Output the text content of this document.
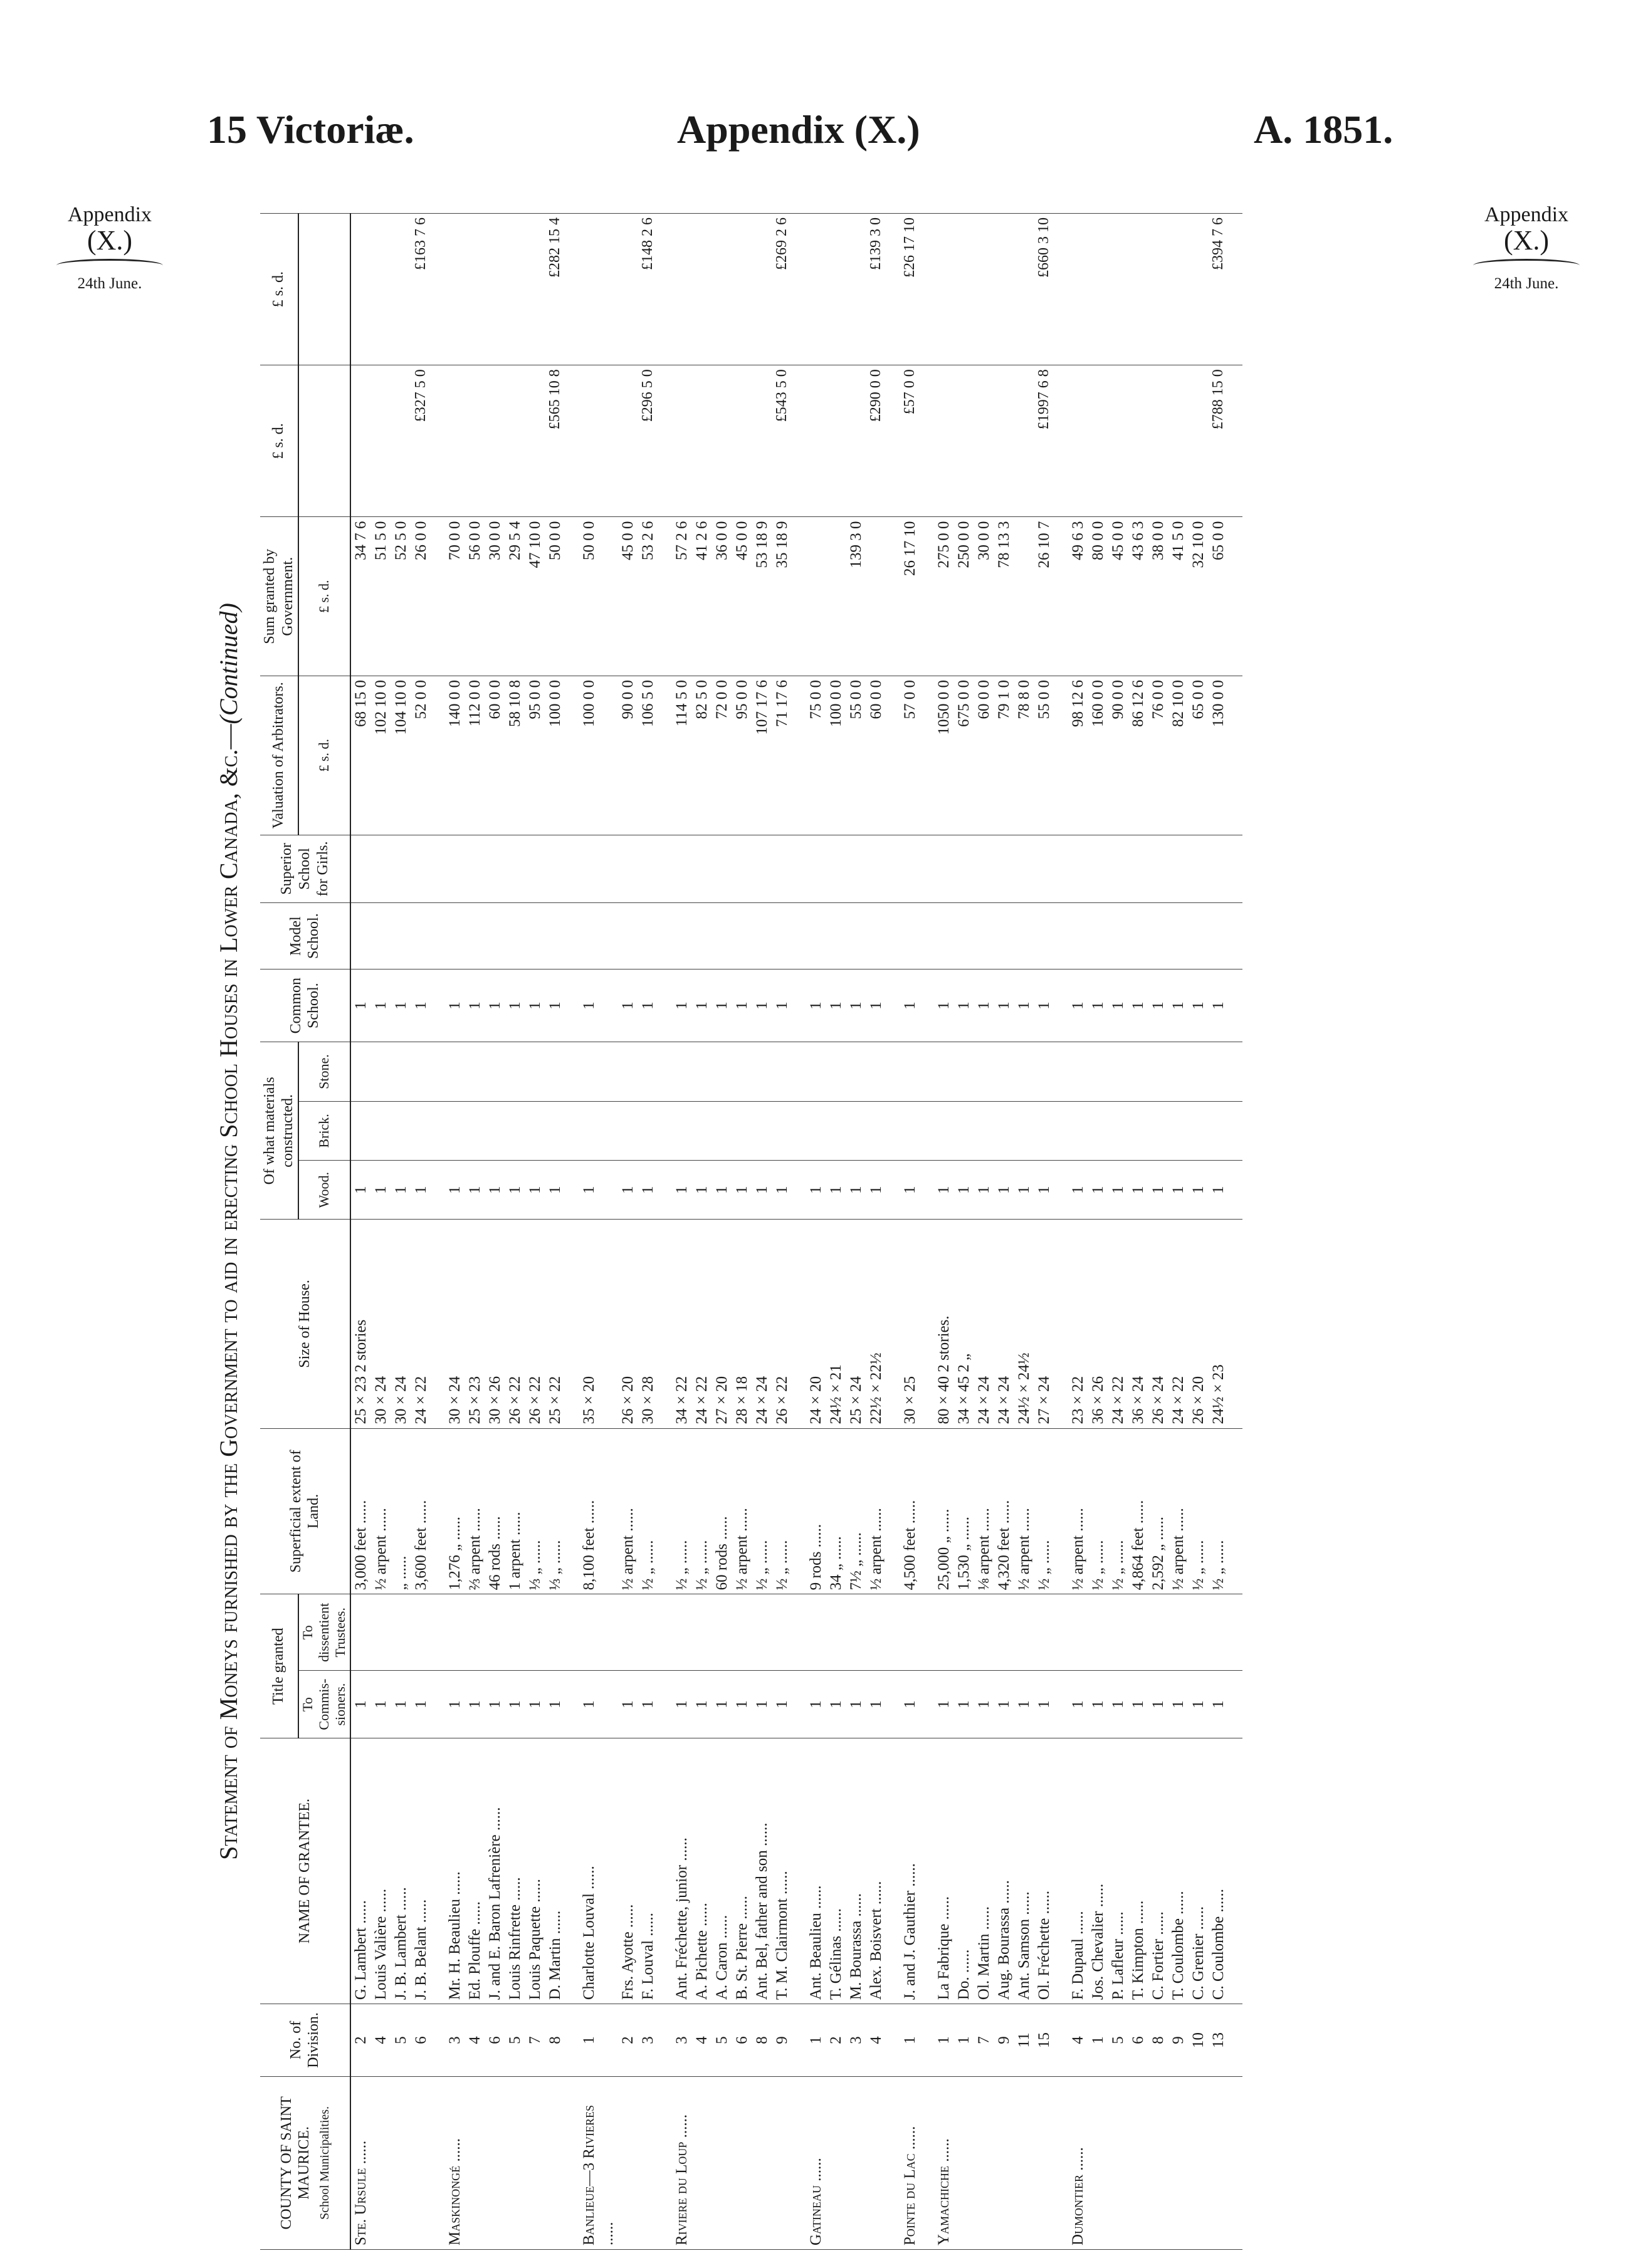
15 Victoriæ.	Appendix (X.)	A. 1851.
Appendix
(X.)
24th June.
Appendix
(X.)
24th June.
Statement of Moneys furnished by the Government to aid in erecting School Houses in Lower Canada, &c.—(Continued)
COUNTY OF SAINT MAURICE. School Municipalities.	No. of Division.	NAME OF GRANTEE.	Title granted		Superficial extent of Land.	Size of House.	Of what materials constructed.			Common School.	Model School.	Superior School for Girls.	Valuation of Arbitrators.	Sum granted by Government.	£ s. d.	£ s. d.
			To Commis- sioners.	To dissentient Trustees.			Wood.	Brick.	Stone.				£ s. d.	£ s. d.		
Ste. Ursule ......	2	G. Lambert ......	1		3,000 feet ......	25 × 23 2 stories	1			1			68 15 0	34 7 6		
	4	Louis Valière ......	1		½ arpent ......	30 × 24	1			1			102 10 0	51 5 0		
	5	J. B. Lambert ......	1		„ ......	30 × 24	1			1			104 10 0	52 5 0		
	6	J. B. Belant ......	1		3,600 feet ......	24 × 22	1			1			52 0 0	26 0 0	£327 5 0	£163 7 6

Maskinongé ......	3	Mr. H. Beaulieu ......	1		1,276 „ ......	30 × 24	1			1			140 0 0	70 0 0		
	4	Ed. Plouffe ......	1		⅔ arpent ......	25 × 23	1			1			112 0 0	56 0 0		
	6	J. and E. Baron Lafrenière ......	1		46 rods ......	30 × 26	1			1			60 0 0	30 0 0		
	5	Louis Rinfrette ......	1		1 arpent ......	26 × 22	1			1			58 10 8	29 5 4		
	7	Louis Paquette ......	1		⅓ „ ......	26 × 22	1			1			95 0 0	47 10 0		
	8	D. Martin ......	1		⅓ „ ......	25 × 22	1			1			100 0 0	50 0 0	£565 10 8	£282 15 4

Banlieue—3 Rivieres ......	1	Charlotte Louval ......	1		8,100 feet ......	35 × 20	1			1			100 0 0	50 0 0		
	2	Frs. Ayotte ......	1		½ arpent ......	26 × 20	1			1			90 0 0	45 0 0		
	3	F. Louval ......	1		½ „ ......	30 × 28	1			1			106 5 0	53 2 6	£296 5 0	£148 2 6

Riviere du Loup ......	3	Ant. Fréchette, junior ......	1		½ „ ......	34 × 22	1			1			114 5 0	57 2 6		
	4	A. Pichette ......	1		½ „ ......	24 × 22	1			1			82 5 0	41 2 6		
	5	A. Caron ......	1		60 rods ......	27 × 20	1			1			72 0 0	36 0 0		
	6	B. St. Pierre ......	1		½ arpent ......	28 × 18	1			1			95 0 0	45 0 0		
	8	Ant. Bel, father and son ......	1		½ „ ......	24 × 24	1			1			107 17 6	53 18 9		
	9	T. M. Clairmont ......	1		½ „ ......	26 × 22	1			1			71 17 6	35 18 9	£543 5 0	£269 2 6

Gatineau ......	1	Ant. Beaulieu ......	1		9 rods ......	24 × 20	1			1			75 0 0			
	2	T. Gélinas ......	1		34 „ ......	24½ × 21	1			1			100 0 0			
	3	M. Bourassa ......	1		7½ „ ......	25 × 24	1			1			55 0 0	139 3 0		
	4	Alex. Boisvert ......	1		½ arpent ......	22½ × 22½	1			1			60 0 0		£290 0 0	£139 3 0

Pointe du Lac ......	1	J. and J. Gauthier ......	1		4,500 feet ......	30 × 25	1			1			57 0 0	26 17 10	£57 0 0	£26 17 10

Yamachiche ......	1	La Fabrique ......	1		25,000 „ ......	80 × 40 2 stories.	1			1			1050 0 0	275 0 0		
	1	Do. ......	1		1,530 „ ......	34 × 45 2 „	1			1			675 0 0	250 0 0		
	7	Ol. Martin ......	1		⅛ arpent ......	24 × 24	1			1			60 0 0	30 0 0		
	9	Aug. Bourassa ......	1		4,320 feet ......	24 × 24	1			1			79 1 0	78 13 3		
	11	Ant. Samson ......	1		½ arpent ......	24½ × 24½	1			1			78 8 0			
	15	Ol. Fréchette ......	1		½ „ ......	27 × 24	1			1			55 0 0	26 10 7	£1997 6 8	£660 3 10

Dumontier ......	4	F. Dupaul ......	1		½ arpent ......	23 × 22	1			1			98 12 6	49 6 3		
	1	Jos. Chevalier ......	1		½ „ ......	36 × 26	1			1			160 0 0	80 0 0		
	5	P. Lafleur ......	1		½ „ ......	24 × 22	1			1			90 0 0	45 0 0		
	6	T. Kimpton ......	1		4,864 feet ......	36 × 24	1			1			86 12 6	43 6 3		
	8	C. Fortier ......	1		2,592 „ ......	26 × 24	1			1			76 0 0	38 0 0		
	9	T. Coulombe ......	1		½ arpent ......	24 × 22	1			1			82 10 0	41 5 0		
	10	C. Grenier ......	1		½ „ ......	26 × 20	1			1			65 0 0	32 10 0		
	13	C. Coulombe ......	1		½ „ ......	24½ × 23	1			1			130 0 0	65 0 0	£788 15 0	£394 7 6
